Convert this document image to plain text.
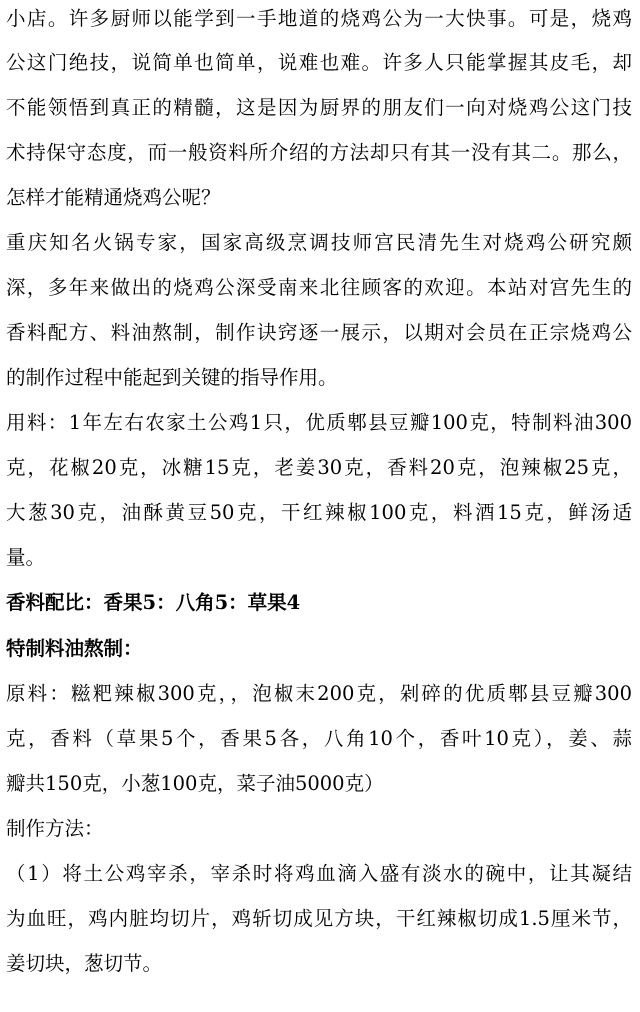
小店。许多厨师以能学到一手地道的烧鸡公为一大快事。可是，烧鸡
公这门绝技，说简单也简单，说难也难。许多人只能掌握其皮毛，却
不能领悟到真正的精髓，这是因为厨界的朋友们一向对烧鸡公这门技
术持保守态度，而一般资料所介绍的方法却只有其一没有其二。那么，
怎样才能精通烧鸡公呢？
重庆知名火锅专家，国家高级烹调技师宫民清先生对烧鸡公研究颇
深，多年来做出的烧鸡公深受南来北往顾客的欢迎。本站对宫先生的
香料配方、料油熬制，制作诀窍逐一展示，以期对会员在正宗烧鸡公
的制作过程中能起到关键的指导作用。
用料：1年左右农家土公鸡1只，优质郫县豆瓣100克，特制料油300
克，花椒20克，冰糖15克，老姜30克，香料20克，泡辣椒25克，
大葱30克，油酥黄豆50克，干红辣椒100克，料酒15克，鲜汤适
量。
香料配比：香果5：八角5：草果4
特制料油熬制：
原料：糍粑辣椒300克，，泡椒末200克，剁碎的优质郫县豆瓣300
克，香料（草果5个，香果5各，八角10个，香叶10克），姜、蒜
瓣共150克，小葱100克，菜子油5000克）
制作方法：
（1）将土公鸡宰杀，宰杀时将鸡血滴入盛有淡水的碗中，让其凝结
为血旺，鸡内脏均切片，鸡斩切成见方块，干红辣椒切成1.5厘米节，
姜切块，葱切节。
